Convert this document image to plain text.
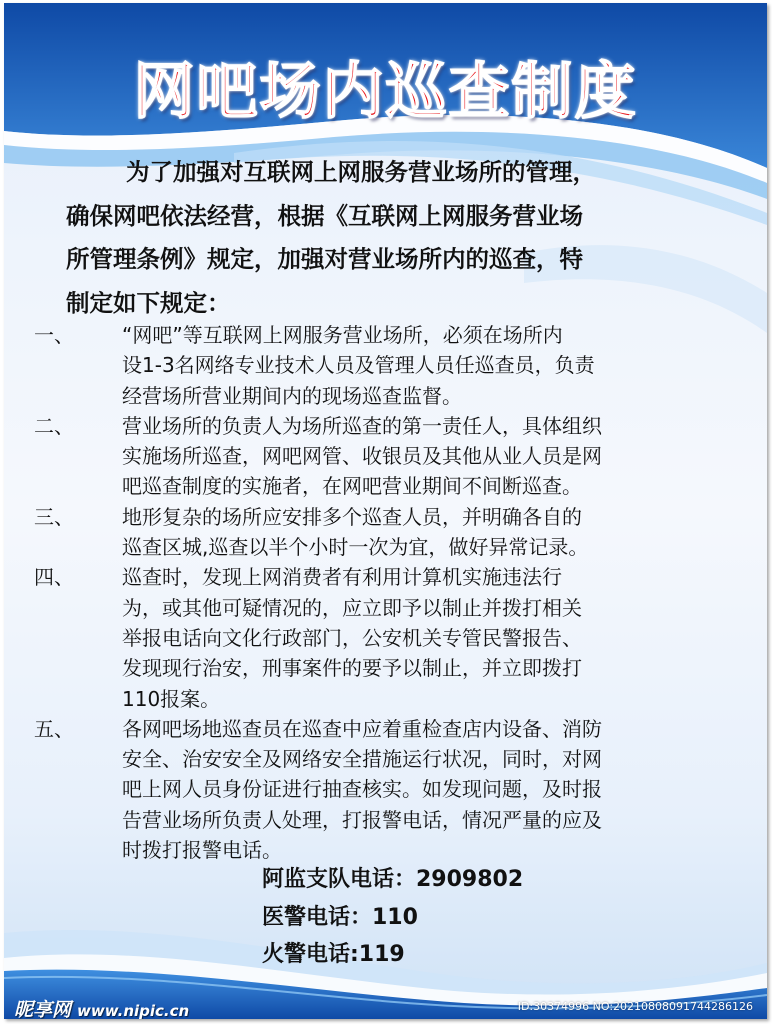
网吧场内巡查制度

为了加强对互联网上网服务营业场所的管理，
确保网吧依法经营，根据《互联网上网服务营业场
所管理条例》规定，加强对营业场所内的巡查，特
制定如下规定：

一、	“网吧”等互联网上网服务营业场所，必须在场所内
设1-3名网络专业技术人员及管理人员任巡查员，负责
经营场所营业期间内的现场巡查监督。
二、	营业场所的负责人为场所巡查的第一责任人，具体组织
实施场所巡查，网吧网管、收银员及其他从业人员是网
吧巡查制度的实施者，在网吧营业期间不间断巡查。
三、	地形复杂的场所应安排多个巡查人员，并明确各自的
巡查区城,巡查以半个小时一次为宜，做好异常记录。
四、	巡查时，发现上网消费者有利用计算机实施违法行
为，或其他可疑情况的，应立即予以制止并拨打相关
举报电话向文化行政部门，公安机关专管民警报告、
发现现行治安，刑事案件的要予以制止，并立即拨打
110报案。
五、	各网吧场地巡查员在巡查中应着重检查店内设备、消防
安全、治安安全及网络安全措施运行状况，同时，对网
吧上网人员身份证进行抽查核实。如发现问题，及时报
告营业场所负责人处理，打报警电话，情况严量的应及
时拨打报警电话。
阿监支队电话：2909802
医警电话：110
火警电话:119
昵享网 www.nipic.cn	ID:30374996 NO:20210808091744286126
